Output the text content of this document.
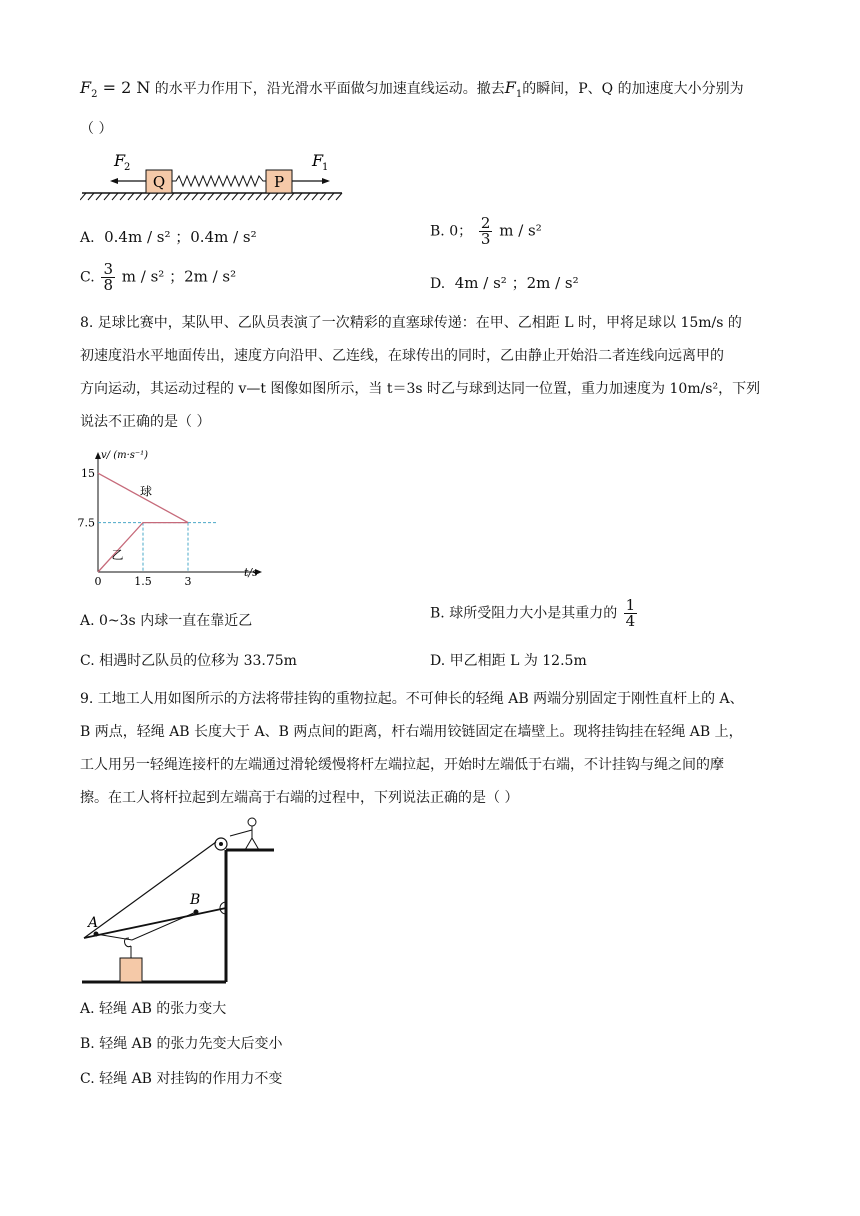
$F_2 = 2$ N 的水平力作用下，沿光滑水平面做匀加速直线运动。撤去$F_1$的瞬间，P、Q 的加速度大小分别为
（ ）
Q	P
F
2	F
1
A. 0.4m / s² ；0.4m / s²	B. 0； $\frac{2}{3}$ m / s²
C. $\frac{3}{8}$ m / s² ；2m / s²	D. 4m / s² ；2m / s²
8. 足球比赛中，某队甲、乙队员表演了一次精彩的直塞球传递：在甲、乙相距 L 时，甲将足球以 15m/s 的
初速度沿水平地面传出，速度方向沿甲、乙连线，在球传出的同时，乙由静止开始沿二者连线向远离甲的
方向运动，其运动过程的 v—t 图像如图所示，当 t＝3s 时乙与球到达同一位置，重力加速度为 10m/s²，下列
说法不正确的是（ ）
v/ (m·s⁻¹)
t/s
0	1.5	3
15
7.5
球
乙
A. 0~3s 内球一直在靠近乙	B. 球所受阻力大小是其重力的 $\frac{1}{4}$
C. 相遇时乙队员的位移为 33.75m	D. 甲乙相距 L 为 12.5m
9. 工地工人用如图所示的方法将带挂钩的重物拉起。不可伸长的轻绳 AB 两端分别固定于刚性直杆上的 A、
B 两点，轻绳 AB 长度大于 A、B 两点间的距离，杆右端用铰链固定在墙壁上。现将挂钩挂在轻绳 AB 上，
工人用另一轻绳连接杆的左端通过滑轮缓慢将杆左端拉起，开始时左端低于右端，不计挂钩与绳之间的摩
擦。在工人将杆拉起到左端高于右端的过程中，下列说法正确的是（ ）
A
B
A. 轻绳 AB 的张力变大
B. 轻绳 AB 的张力先变大后变小
C. 轻绳 AB 对挂钩的作用力不变
